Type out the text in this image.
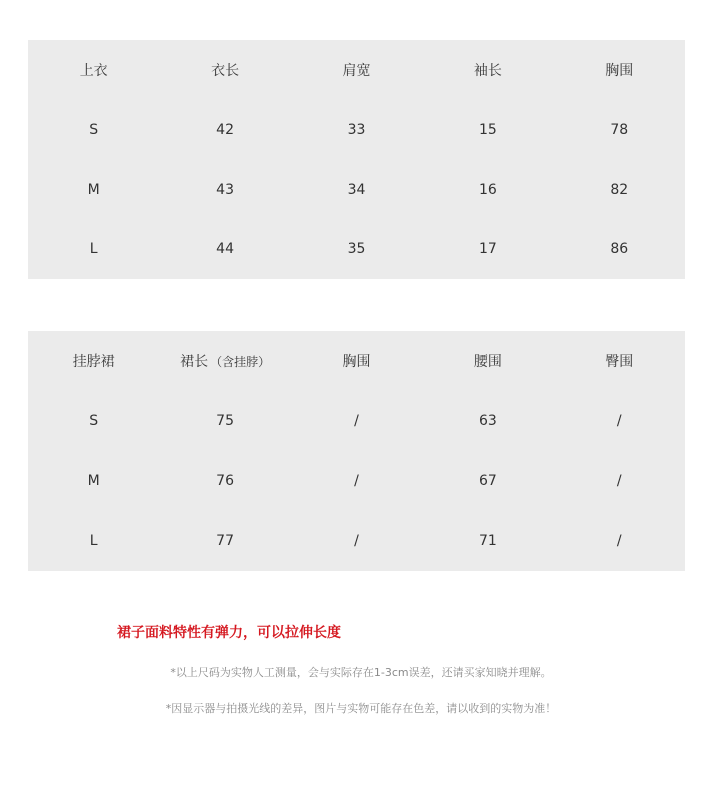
上衣	衣长	肩宽	袖长	胸围
S	42	33	15	78
M	43	34	16	82
L	44	35	17	86
挂脖裙	裙长 （含挂脖）	胸围	腰围	臀围
S	75	/	63	/
M	76	/	67	/
L	77	/	71	/
裙子面料特性有弹力，可以拉伸长度
*以上尺码为实物人工测量，会与实际存在1-3cm误差，还请买家知晓并理解。
*因显示器与拍摄光线的差异，图片与实物可能存在色差，请以收到的实物为准！
